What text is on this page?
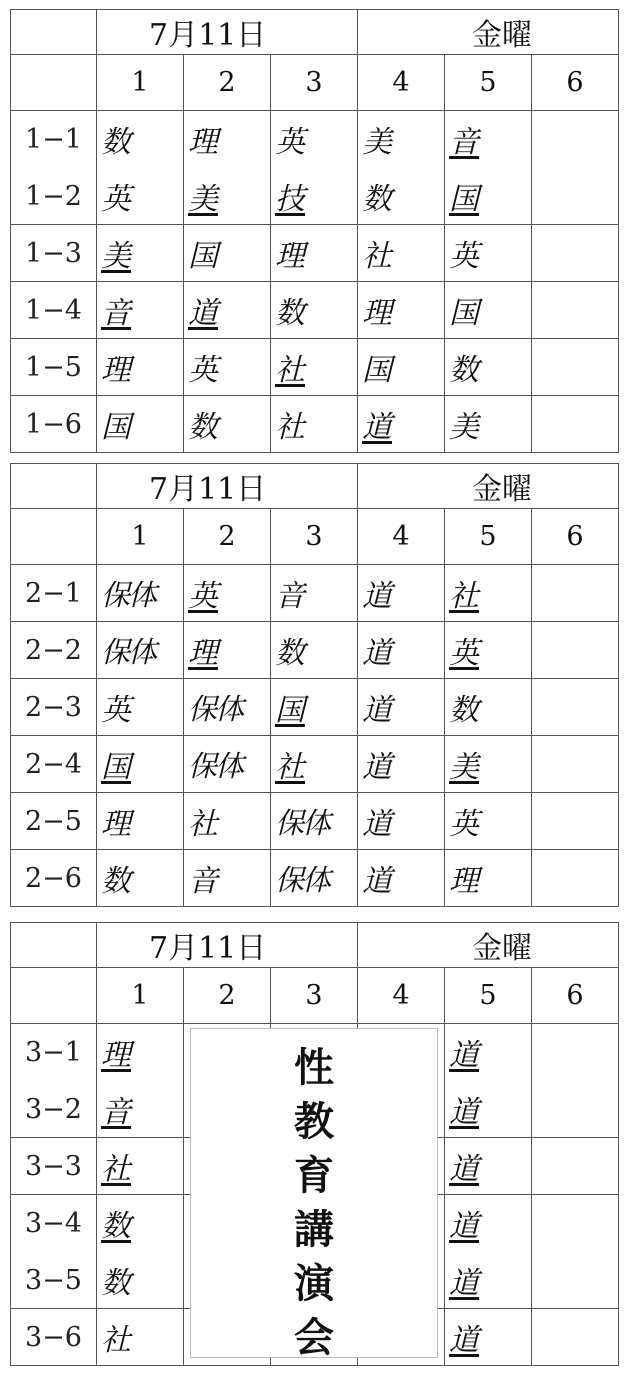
	7月11日			金曜		
	1	2	3	4	5	6
1−1	数	理	英	美	音	
1−2	英	美	技	数	国	
1−3	美	国	理	社	英	
1−4	音	道	数	理	国	
1−5	理	英	社	国	数	
1−6	国	数	社	道	美	
	7月11日			金曜		
	1	2	3	4	5	6
2−1	保体	英	音	道	社	
2−2	保体	理	数	道	英	
2−3	英	保体	国	道	数	
2−4	国	保体	社	道	美	
2−5	理	社	保体	道	英	
2−6	数	音	保体	道	理	
	7月11日			金曜		
	1	2	3	4	5	6
3−1	理				道	
3−2	音				道	
3−3	社				道	
3−4	数				道	
3−5	数				道	
3−6	社				道	
性
教
育
講
演
会
